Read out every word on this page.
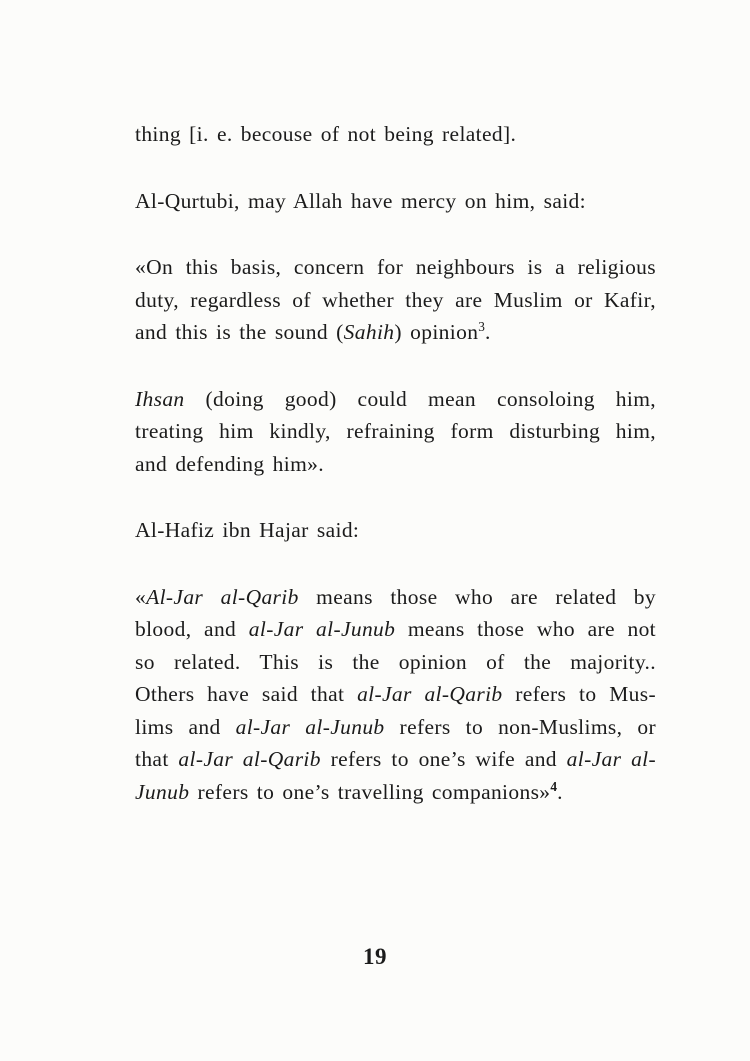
thing [i. e. becouse of not being related].
Al-Qurtubi, may Allah have mercy on him, said:
«On this basis, concern for neighbours is a religious
duty, regardless of whether they are Muslim or Kafir,
and this is the sound (Sahih) opinion$^3$.
Ihsan (doing good) could mean consoloing him,
treating him kindly, refraining form disturbing him,
and defending him».
Al-Hafiz ibn Hajar said:
«Al-Jar al-Qarib means those who are related by
blood, and al-Jar al-Junub means those who are not
so related. This is the opinion of the majority..
Others have said that al-Jar al-Qarib refers to Mus-
lims and al-Jar al-Junub refers to non-Muslims, or
that al-Jar al-Qarib refers to one’s wife and al-Jar al-
Junub refers to one’s travelling companions»$^4$.
19
